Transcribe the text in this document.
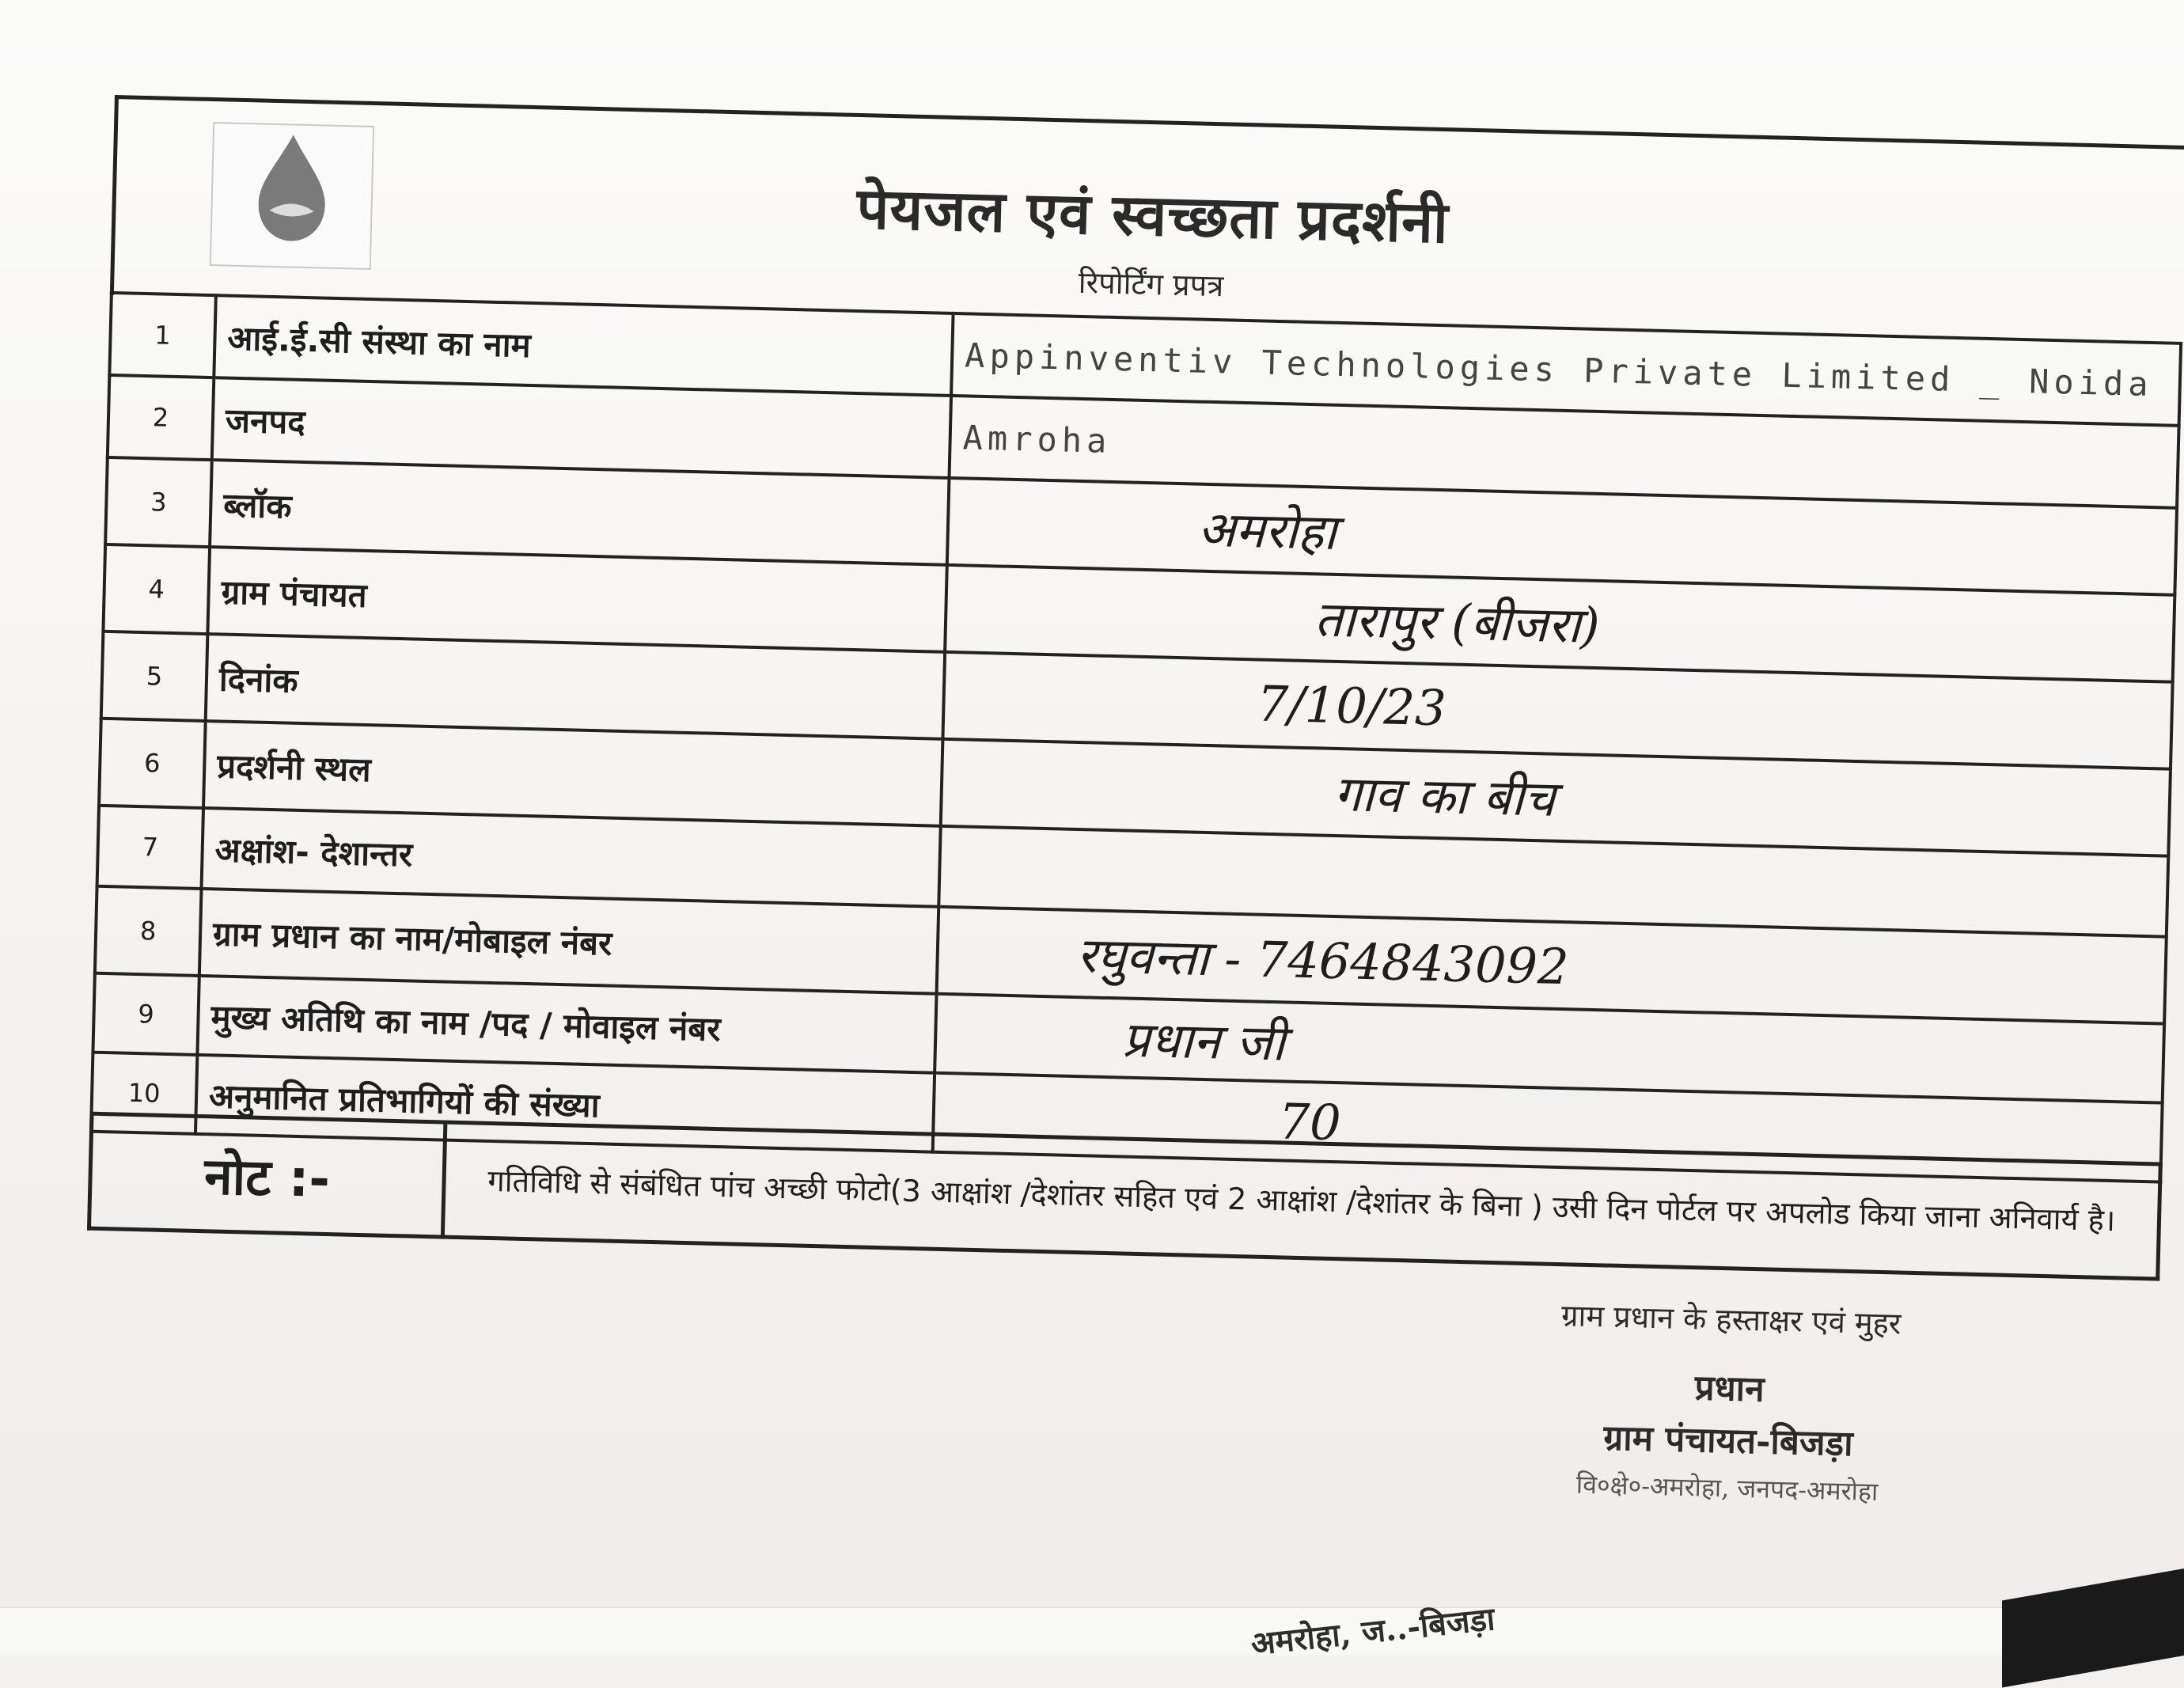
पेयजल एवं स्वच्छता प्रदर्शनी
रिपोर्टिंग प्रपत्र
1	आई.ई.सी संस्था का नाम	Appinventiv Technologies Private Limited _ Noida
2	जनपद	Amroha
3	ब्लॉक	अमरोहा
4	ग्राम पंचायत	तारापुर (बीजरा)
5	दिनांक	7/10/23
6	प्रदर्शनी स्थल	गाव का बीच
7	अक्षांश- देशान्तर	
8	ग्राम प्रधान का नाम/मोबाइल नंबर	रघुवन्ता - 7464843092
9	मुख्य अतिथि का नाम /पद / मोवाइल नंबर	प्रधान जी
10	अनुमानित प्रतिभागियों की संख्या	70
नोट :-	गतिविधि से संबंधित पांच अच्छी फोटो(3 आक्षांश /देशांतर सहित एवं 2 आक्षांश /देशांतर के बिना ) उसी दिन पोर्टल पर अपलोड किया जाना अनिवार्य है।
ग्राम प्रधान के हस्ताक्षर एवं मुहर
प्रधान
ग्राम पंचायत-बिजड़ा
वि०क्षे०-अमरोहा, जनपद-अमरोहा
अमरोहा, ज..-बिजड़ा
